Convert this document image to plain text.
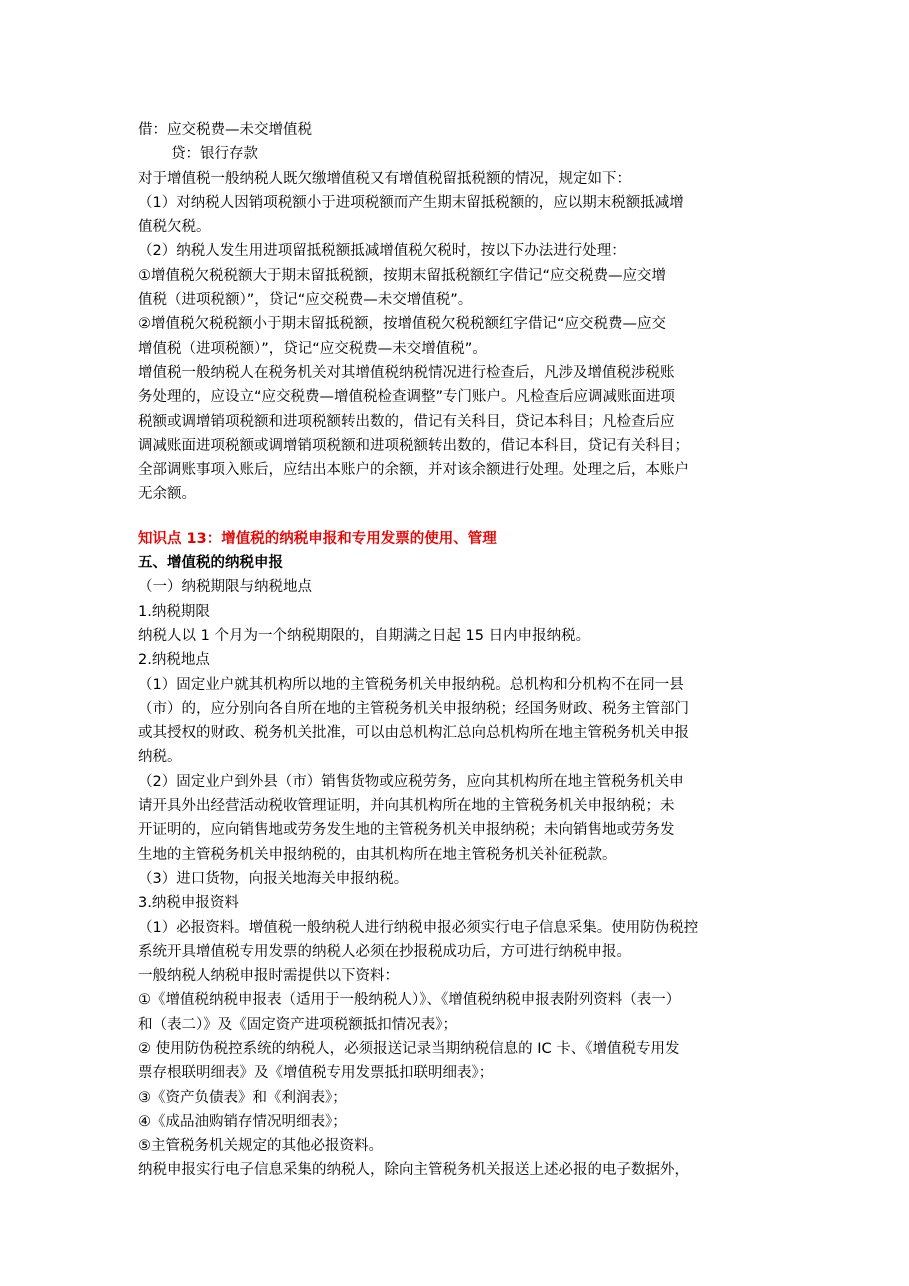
借：应交税费—未交增值税
贷：银行存款
对于增值税一般纳税人既欠缴增值税又有增值税留抵税额的情况，规定如下：
（1）对纳税人因销项税额小于进项税额而产生期末留抵税额的，应以期末税额抵减增
值税欠税。
（2）纳税人发生用进项留抵税额抵减增值税欠税时，按以下办法进行处理：
①增值税欠税税额大于期末留抵税额，按期末留抵税额红字借记“应交税费—应交增
值税（进项税额）”，贷记“应交税费—未交增值税”。
②增值税欠税税额小于期末留抵税额，按增值税欠税税额红字借记“应交税费—应交
增值税（进项税额）”，贷记“应交税费—未交增值税”。
增值税一般纳税人在税务机关对其增值税纳税情况进行检查后，凡涉及增值税涉税账
务处理的，应设立“应交税费—增值税检查调整”专门账户。凡检查后应调减账面进项
税额或调增销项税额和进项税额转出数的，借记有关科目，贷记本科目；凡检查后应
调减账面进项税额或调增销项税额和进项税额转出数的，借记本科目，贷记有关科目；
全部调账事项入账后，应结出本账户的余额，并对该余额进行处理。处理之后，本账户
无余额。
知识点 13：增值税的纳税申报和专用发票的使用、管理
五、增值税的纳税申报
（一）纳税期限与纳税地点
1.纳税期限
纳税人以 1 个月为一个纳税期限的，自期满之日起 15 日内申报纳税。
2.纳税地点
（1）固定业户就其机构所以地的主管税务机关申报纳税。总机构和分机构不在同一县
（市）的，应分别向各自所在地的主管税务机关申报纳税；经国务财政、税务主管部门
或其授权的财政、税务机关批准，可以由总机构汇总向总机构所在地主管税务机关申报
纳税。
（2）固定业户到外县（市）销售货物或应税劳务，应向其机构所在地主管税务机关申
请开具外出经营活动税收管理证明，并向其机构所在地的主管税务机关申报纳税；未
开证明的，应向销售地或劳务发生地的主管税务机关申报纳税；未向销售地或劳务发
生地的主管税务机关申报纳税的，由其机构所在地主管税务机关补征税款。
（3）进口货物，向报关地海关申报纳税。
3.纳税申报资料
（1）必报资料。增值税一般纳税人进行纳税申报必须实行电子信息采集。使用防伪税控
系统开具增值税专用发票的纳税人必须在抄报税成功后，方可进行纳税申报。
一般纳税人纳税申报时需提供以下资料：
①《增值税纳税申报表（适用于一般纳税人）》、《增值税纳税申报表附列资料（表一）
和（表二）》及《固定资产进项税额抵扣情况表》；
② 使用防伪税控系统的纳税人，必须报送记录当期纳税信息的 IC 卡、《增值税专用发
票存根联明细表》及《增值税专用发票抵扣联明细表》；
③《资产负债表》和《利润表》；
④《成品油购销存情况明细表》；
⑤主管税务机关规定的其他必报资料。
纳税申报实行电子信息采集的纳税人，除向主管税务机关报送上述必报的电子数据外，
